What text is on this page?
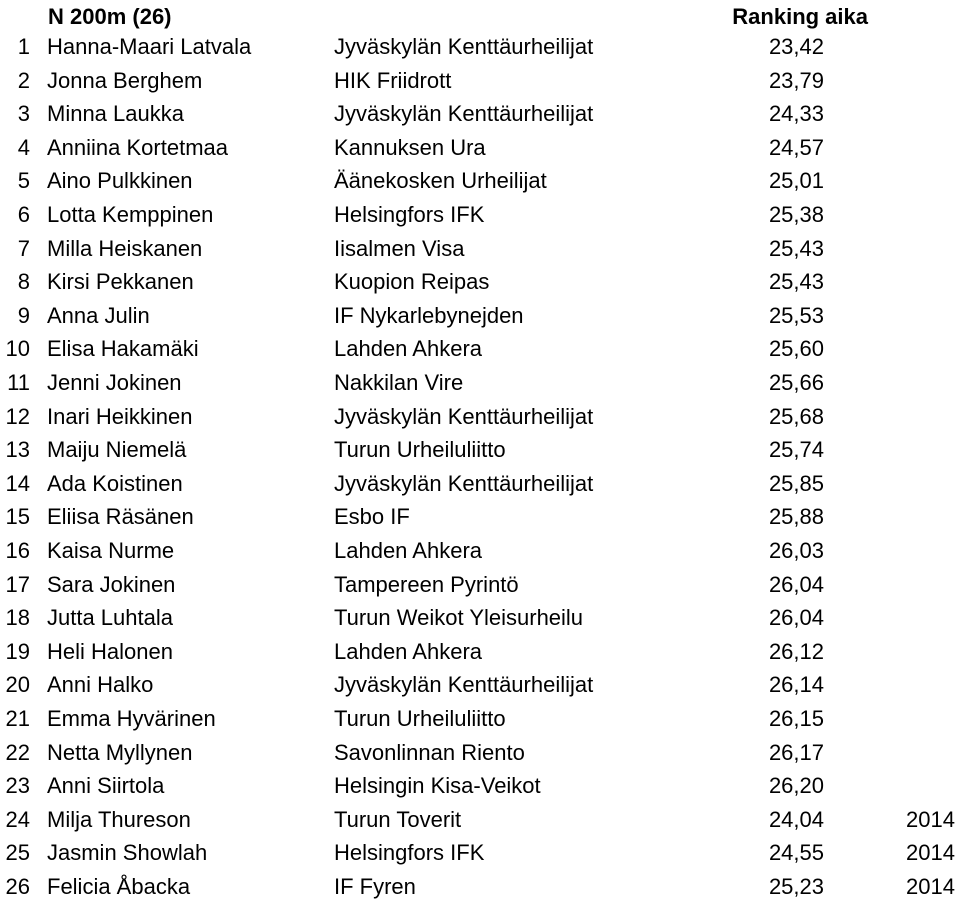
N 200m (26)	Ranking aika
1 Hanna-Maari Latvala	Jyväskylän Kenttäurheilijat	23,42
2 Jonna Berghem	HIK Friidrott	23,79
3 Minna Laukka	Jyväskylän Kenttäurheilijat	24,33
4 Anniina Kortetmaa	Kannuksen Ura	24,57
5 Aino Pulkkinen	Äänekosken Urheilijat	25,01
6 Lotta Kemppinen	Helsingfors IFK	25,38
7 Milla Heiskanen	Iisalmen Visa	25,43
8 Kirsi Pekkanen	Kuopion Reipas	25,43
9 Anna Julin	IF Nykarlebynejden	25,53
10 Elisa Hakamäki	Lahden Ahkera	25,60
11 Jenni Jokinen	Nakkilan Vire	25,66
12 Inari Heikkinen	Jyväskylän Kenttäurheilijat	25,68
13 Maiju Niemelä	Turun Urheiluliitto	25,74
14 Ada Koistinen	Jyväskylän Kenttäurheilijat	25,85
15 Eliisa Räsänen	Esbo IF	25,88
16 Kaisa Nurme	Lahden Ahkera	26,03
17 Sara Jokinen	Tampereen Pyrintö	26,04
18 Jutta Luhtala	Turun Weikot Yleisurheilu	26,04
19 Heli Halonen	Lahden Ahkera	26,12
20 Anni Halko	Jyväskylän Kenttäurheilijat	26,14
21 Emma Hyvärinen	Turun Urheiluliitto	26,15
22 Netta Myllynen	Savonlinnan Riento	26,17
23 Anni Siirtola	Helsingin Kisa-Veikot	26,20
24 Milja Thureson	Turun Toverit	24,04	2014
25 Jasmin Showlah	Helsingfors IFK	24,55	2014
26 Felicia Åbacka	IF Fyren	25,23	2014
